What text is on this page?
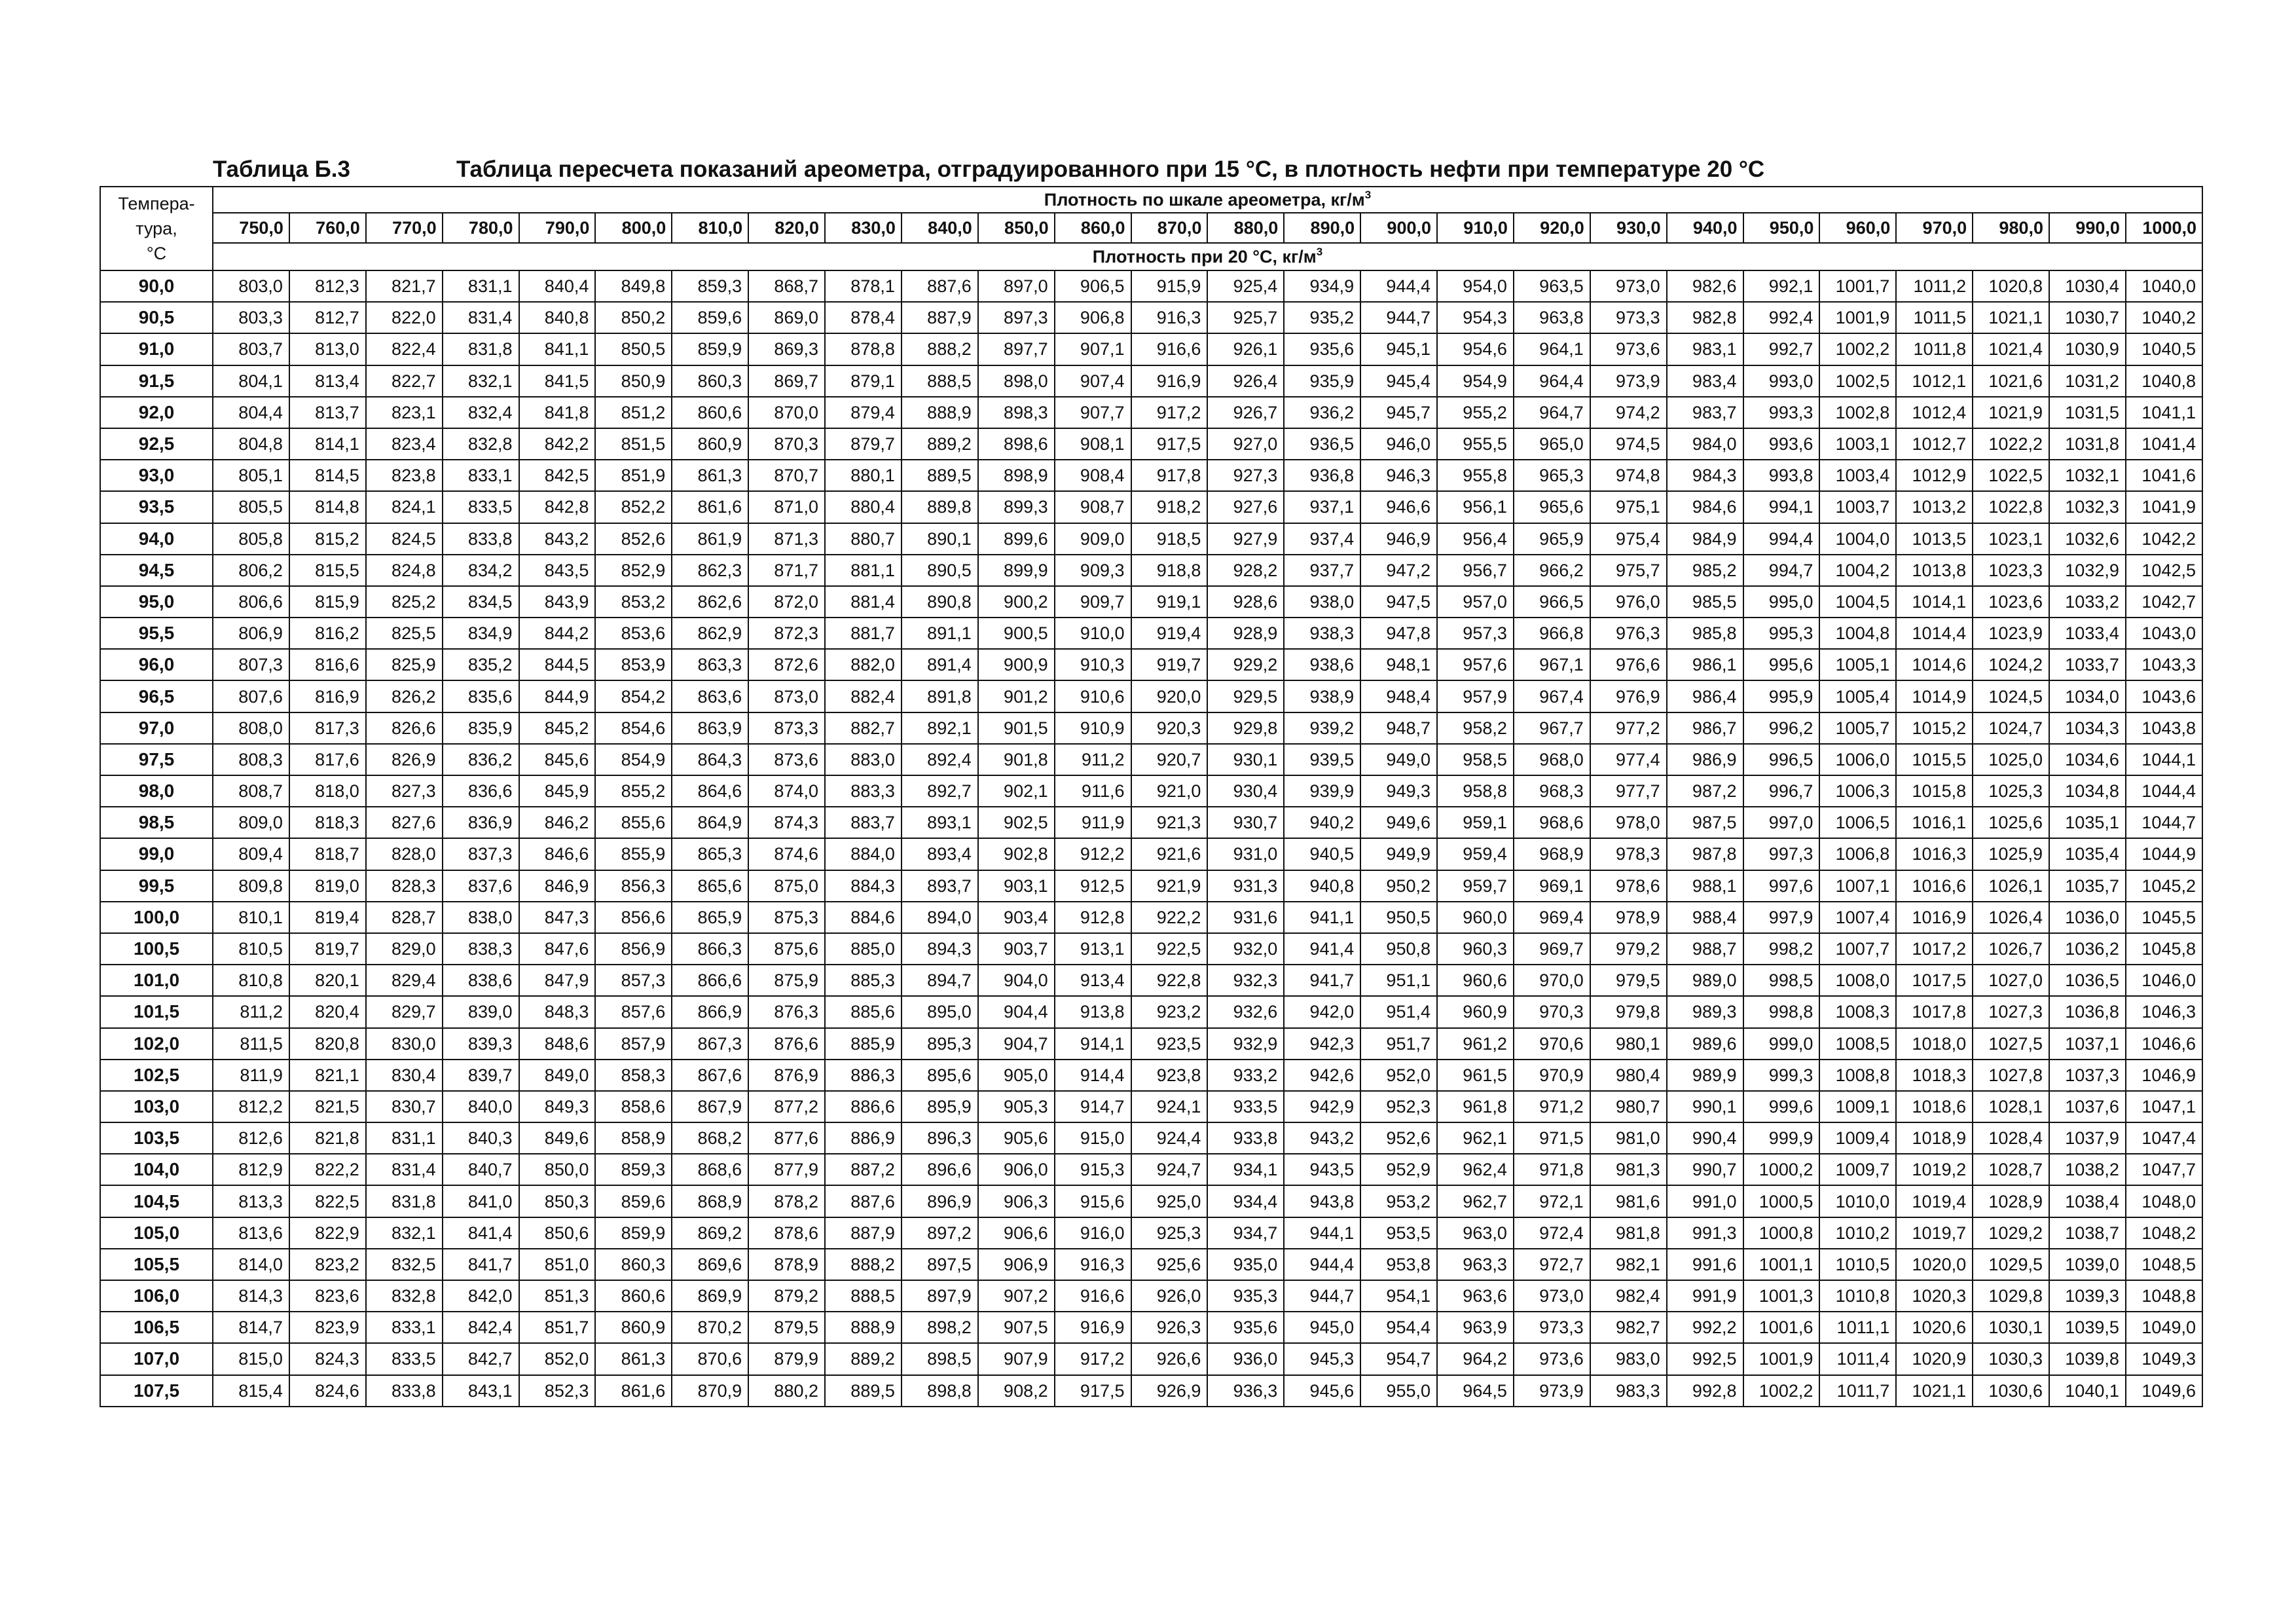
Таблица Б.3	Таблица пересчета показаний ареометра, отградуированного при 15 °С, в плотность нефти при температуре 20 °С
Темпера-
тура,
°С	Плотность по шкале ареометра, $кг/м^3$
	750,0	760,0	770,0	780,0	790,0	800,0	810,0	820,0	830,0	840,0	850,0	860,0	870,0	880,0	890,0	900,0	910,0	920,0	930,0	940,0	950,0	960,0	970,0	980,0	990,0	1000,0
	Плотность при 20 °С, $кг/м^3$
90,0	803,0	812,3	821,7	831,1	840,4	849,8	859,3	868,7	878,1	887,6	897,0	906,5	915,9	925,4	934,9	944,4	954,0	963,5	973,0	982,6	992,1	1001,7	1011,2	1020,8	1030,4	1040,0
90,5	803,3	812,7	822,0	831,4	840,8	850,2	859,6	869,0	878,4	887,9	897,3	906,8	916,3	925,7	935,2	944,7	954,3	963,8	973,3	982,8	992,4	1001,9	1011,5	1021,1	1030,7	1040,2
91,0	803,7	813,0	822,4	831,8	841,1	850,5	859,9	869,3	878,8	888,2	897,7	907,1	916,6	926,1	935,6	945,1	954,6	964,1	973,6	983,1	992,7	1002,2	1011,8	1021,4	1030,9	1040,5
91,5	804,1	813,4	822,7	832,1	841,5	850,9	860,3	869,7	879,1	888,5	898,0	907,4	916,9	926,4	935,9	945,4	954,9	964,4	973,9	983,4	993,0	1002,5	1012,1	1021,6	1031,2	1040,8
92,0	804,4	813,7	823,1	832,4	841,8	851,2	860,6	870,0	879,4	888,9	898,3	907,7	917,2	926,7	936,2	945,7	955,2	964,7	974,2	983,7	993,3	1002,8	1012,4	1021,9	1031,5	1041,1
92,5	804,8	814,1	823,4	832,8	842,2	851,5	860,9	870,3	879,7	889,2	898,6	908,1	917,5	927,0	936,5	946,0	955,5	965,0	974,5	984,0	993,6	1003,1	1012,7	1022,2	1031,8	1041,4
93,0	805,1	814,5	823,8	833,1	842,5	851,9	861,3	870,7	880,1	889,5	898,9	908,4	917,8	927,3	936,8	946,3	955,8	965,3	974,8	984,3	993,8	1003,4	1012,9	1022,5	1032,1	1041,6
93,5	805,5	814,8	824,1	833,5	842,8	852,2	861,6	871,0	880,4	889,8	899,3	908,7	918,2	927,6	937,1	946,6	956,1	965,6	975,1	984,6	994,1	1003,7	1013,2	1022,8	1032,3	1041,9
94,0	805,8	815,2	824,5	833,8	843,2	852,6	861,9	871,3	880,7	890,1	899,6	909,0	918,5	927,9	937,4	946,9	956,4	965,9	975,4	984,9	994,4	1004,0	1013,5	1023,1	1032,6	1042,2
94,5	806,2	815,5	824,8	834,2	843,5	852,9	862,3	871,7	881,1	890,5	899,9	909,3	918,8	928,2	937,7	947,2	956,7	966,2	975,7	985,2	994,7	1004,2	1013,8	1023,3	1032,9	1042,5
95,0	806,6	815,9	825,2	834,5	843,9	853,2	862,6	872,0	881,4	890,8	900,2	909,7	919,1	928,6	938,0	947,5	957,0	966,5	976,0	985,5	995,0	1004,5	1014,1	1023,6	1033,2	1042,7
95,5	806,9	816,2	825,5	834,9	844,2	853,6	862,9	872,3	881,7	891,1	900,5	910,0	919,4	928,9	938,3	947,8	957,3	966,8	976,3	985,8	995,3	1004,8	1014,4	1023,9	1033,4	1043,0
96,0	807,3	816,6	825,9	835,2	844,5	853,9	863,3	872,6	882,0	891,4	900,9	910,3	919,7	929,2	938,6	948,1	957,6	967,1	976,6	986,1	995,6	1005,1	1014,6	1024,2	1033,7	1043,3
96,5	807,6	816,9	826,2	835,6	844,9	854,2	863,6	873,0	882,4	891,8	901,2	910,6	920,0	929,5	938,9	948,4	957,9	967,4	976,9	986,4	995,9	1005,4	1014,9	1024,5	1034,0	1043,6
97,0	808,0	817,3	826,6	835,9	845,2	854,6	863,9	873,3	882,7	892,1	901,5	910,9	920,3	929,8	939,2	948,7	958,2	967,7	977,2	986,7	996,2	1005,7	1015,2	1024,7	1034,3	1043,8
97,5	808,3	817,6	826,9	836,2	845,6	854,9	864,3	873,6	883,0	892,4	901,8	911,2	920,7	930,1	939,5	949,0	958,5	968,0	977,4	986,9	996,5	1006,0	1015,5	1025,0	1034,6	1044,1
98,0	808,7	818,0	827,3	836,6	845,9	855,2	864,6	874,0	883,3	892,7	902,1	911,6	921,0	930,4	939,9	949,3	958,8	968,3	977,7	987,2	996,7	1006,3	1015,8	1025,3	1034,8	1044,4
98,5	809,0	818,3	827,6	836,9	846,2	855,6	864,9	874,3	883,7	893,1	902,5	911,9	921,3	930,7	940,2	949,6	959,1	968,6	978,0	987,5	997,0	1006,5	1016,1	1025,6	1035,1	1044,7
99,0	809,4	818,7	828,0	837,3	846,6	855,9	865,3	874,6	884,0	893,4	902,8	912,2	921,6	931,0	940,5	949,9	959,4	968,9	978,3	987,8	997,3	1006,8	1016,3	1025,9	1035,4	1044,9
99,5	809,8	819,0	828,3	837,6	846,9	856,3	865,6	875,0	884,3	893,7	903,1	912,5	921,9	931,3	940,8	950,2	959,7	969,1	978,6	988,1	997,6	1007,1	1016,6	1026,1	1035,7	1045,2
100,0	810,1	819,4	828,7	838,0	847,3	856,6	865,9	875,3	884,6	894,0	903,4	912,8	922,2	931,6	941,1	950,5	960,0	969,4	978,9	988,4	997,9	1007,4	1016,9	1026,4	1036,0	1045,5
100,5	810,5	819,7	829,0	838,3	847,6	856,9	866,3	875,6	885,0	894,3	903,7	913,1	922,5	932,0	941,4	950,8	960,3	969,7	979,2	988,7	998,2	1007,7	1017,2	1026,7	1036,2	1045,8
101,0	810,8	820,1	829,4	838,6	847,9	857,3	866,6	875,9	885,3	894,7	904,0	913,4	922,8	932,3	941,7	951,1	960,6	970,0	979,5	989,0	998,5	1008,0	1017,5	1027,0	1036,5	1046,0
101,5	811,2	820,4	829,7	839,0	848,3	857,6	866,9	876,3	885,6	895,0	904,4	913,8	923,2	932,6	942,0	951,4	960,9	970,3	979,8	989,3	998,8	1008,3	1017,8	1027,3	1036,8	1046,3
102,0	811,5	820,8	830,0	839,3	848,6	857,9	867,3	876,6	885,9	895,3	904,7	914,1	923,5	932,9	942,3	951,7	961,2	970,6	980,1	989,6	999,0	1008,5	1018,0	1027,5	1037,1	1046,6
102,5	811,9	821,1	830,4	839,7	849,0	858,3	867,6	876,9	886,3	895,6	905,0	914,4	923,8	933,2	942,6	952,0	961,5	970,9	980,4	989,9	999,3	1008,8	1018,3	1027,8	1037,3	1046,9
103,0	812,2	821,5	830,7	840,0	849,3	858,6	867,9	877,2	886,6	895,9	905,3	914,7	924,1	933,5	942,9	952,3	961,8	971,2	980,7	990,1	999,6	1009,1	1018,6	1028,1	1037,6	1047,1
103,5	812,6	821,8	831,1	840,3	849,6	858,9	868,2	877,6	886,9	896,3	905,6	915,0	924,4	933,8	943,2	952,6	962,1	971,5	981,0	990,4	999,9	1009,4	1018,9	1028,4	1037,9	1047,4
104,0	812,9	822,2	831,4	840,7	850,0	859,3	868,6	877,9	887,2	896,6	906,0	915,3	924,7	934,1	943,5	952,9	962,4	971,8	981,3	990,7	1000,2	1009,7	1019,2	1028,7	1038,2	1047,7
104,5	813,3	822,5	831,8	841,0	850,3	859,6	868,9	878,2	887,6	896,9	906,3	915,6	925,0	934,4	943,8	953,2	962,7	972,1	981,6	991,0	1000,5	1010,0	1019,4	1028,9	1038,4	1048,0
105,0	813,6	822,9	832,1	841,4	850,6	859,9	869,2	878,6	887,9	897,2	906,6	916,0	925,3	934,7	944,1	953,5	963,0	972,4	981,8	991,3	1000,8	1010,2	1019,7	1029,2	1038,7	1048,2
105,5	814,0	823,2	832,5	841,7	851,0	860,3	869,6	878,9	888,2	897,5	906,9	916,3	925,6	935,0	944,4	953,8	963,3	972,7	982,1	991,6	1001,1	1010,5	1020,0	1029,5	1039,0	1048,5
106,0	814,3	823,6	832,8	842,0	851,3	860,6	869,9	879,2	888,5	897,9	907,2	916,6	926,0	935,3	944,7	954,1	963,6	973,0	982,4	991,9	1001,3	1010,8	1020,3	1029,8	1039,3	1048,8
106,5	814,7	823,9	833,1	842,4	851,7	860,9	870,2	879,5	888,9	898,2	907,5	916,9	926,3	935,6	945,0	954,4	963,9	973,3	982,7	992,2	1001,6	1011,1	1020,6	1030,1	1039,5	1049,0
107,0	815,0	824,3	833,5	842,7	852,0	861,3	870,6	879,9	889,2	898,5	907,9	917,2	926,6	936,0	945,3	954,7	964,2	973,6	983,0	992,5	1001,9	1011,4	1020,9	1030,3	1039,8	1049,3
107,5	815,4	824,6	833,8	843,1	852,3	861,6	870,9	880,2	889,5	898,8	908,2	917,5	926,9	936,3	945,6	955,0	964,5	973,9	983,3	992,8	1002,2	1011,7	1021,1	1030,6	1040,1	1049,6
